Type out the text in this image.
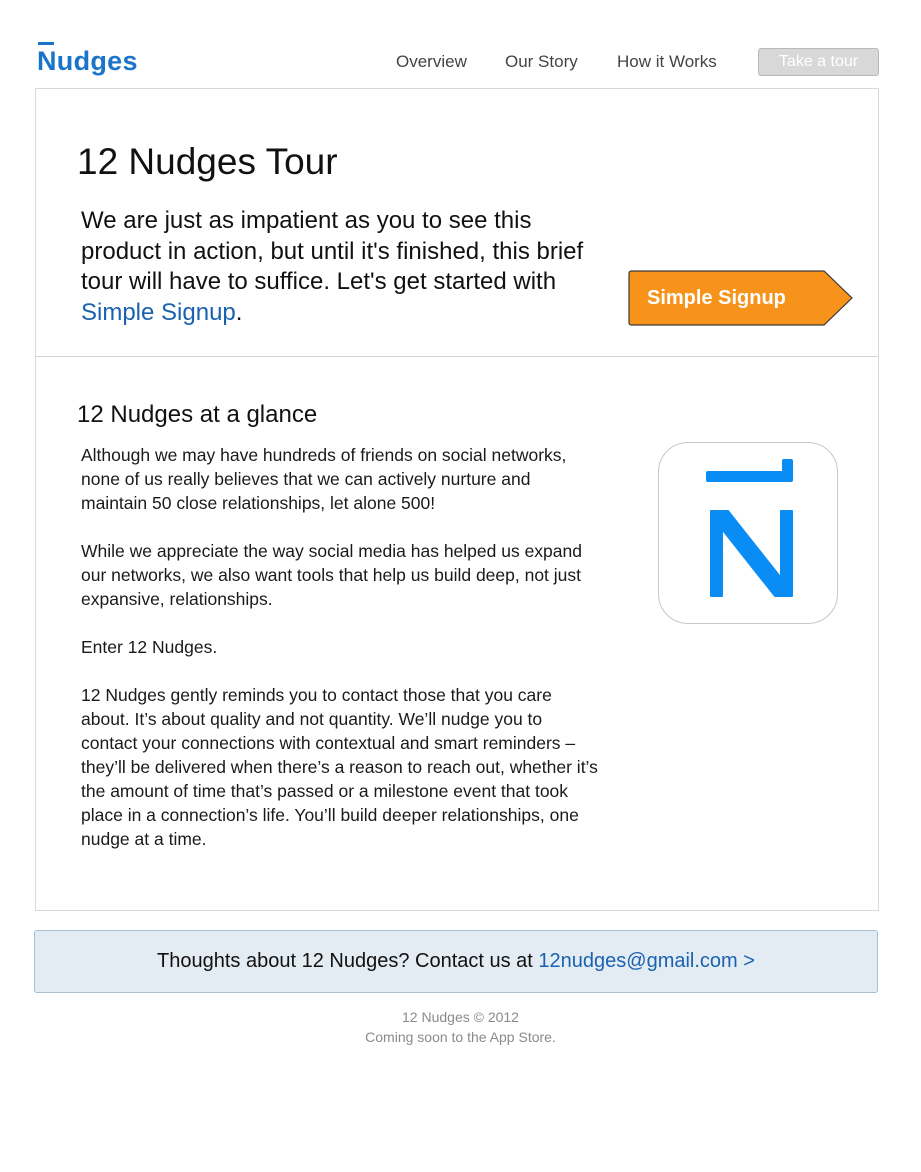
Nudges	Overview Our Story How it Works	Take a tour
12 Nudges Tour
We are just as impatient as you to see this product in action, but until it's finished, this brief tour will have to suffice. Let's get started with Simple Signup.
Simple Signup
12 Nudges at a glance

Although we may have hundreds of friends on social networks, none of us really believes that we can actively nurture and maintain 50 close relationships, let alone 500!

While we appreciate the way social media has helped us expand our networks, we also want tools that help us build deep, not just expansive, relationships.

Enter 12 Nudges.

12 Nudges gently reminds you to contact those that you care about. It’s about quality and not quantity. We’ll nudge you to contact your connections with contextual and smart reminders – they’ll be delivered when there’s a reason to reach out, whether it’s the amount of time that’s passed or a milestone event that took place in a connection’s life. You’ll build deeper relationships, one nudge at a time.

Thoughts about 12 Nudges? Contact us at 12nudges@gmail.com >
12 Nudges © 2012
Coming soon to the App Store.
